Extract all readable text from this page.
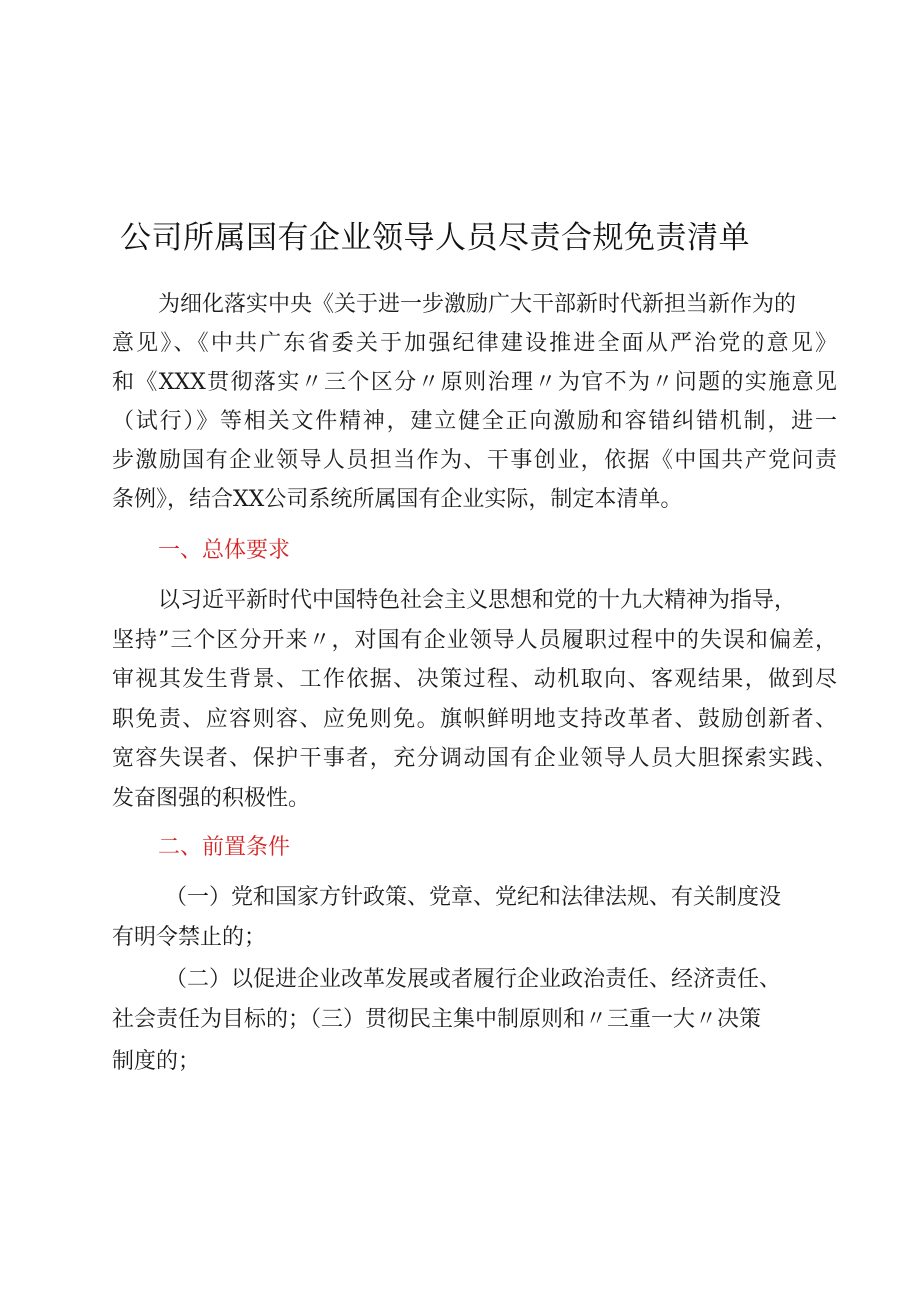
公司所属国有企业领导人员尽责合规免责清单
为细化落实中央《关于进一步激励广大干部新时代新担当新作为的
意见》、《中共广东省委关于加强纪律建设推进全面从严治党的意见》
和《XXX贯彻落实〃三个区分〃原则治理〃为官不为〃问题的实施意见
（试行）》等相关文件精神，建立健全正向激励和容错纠错机制，进一
步激励国有企业领导人员担当作为、干事创业，依据《中国共产党问责
条例》，结合XX公司系统所属国有企业实际，制定本清单。
一、总体要求
以习近平新时代中国特色社会主义思想和党的十九大精神为指导，
坚持”三个区分开来〃，对国有企业领导人员履职过程中的失误和偏差，
审视其发生背景、工作依据、决策过程、动机取向、客观结果，做到尽
职免责、应容则容、应免则免。旗帜鲜明地支持改革者、鼓励创新者、
宽容失误者、保护干事者，充分调动国有企业领导人员大胆探索实践、
发奋图强的积极性。
二、前置条件
（一）党和国家方针政策、党章、党纪和法律法规、有关制度没
有明令禁止的；
（二）以促进企业改革发展或者履行企业政治责任、经济责任、
社会责任为目标的；（三）贯彻民主集中制原则和〃三重一大〃决策
制度的；
